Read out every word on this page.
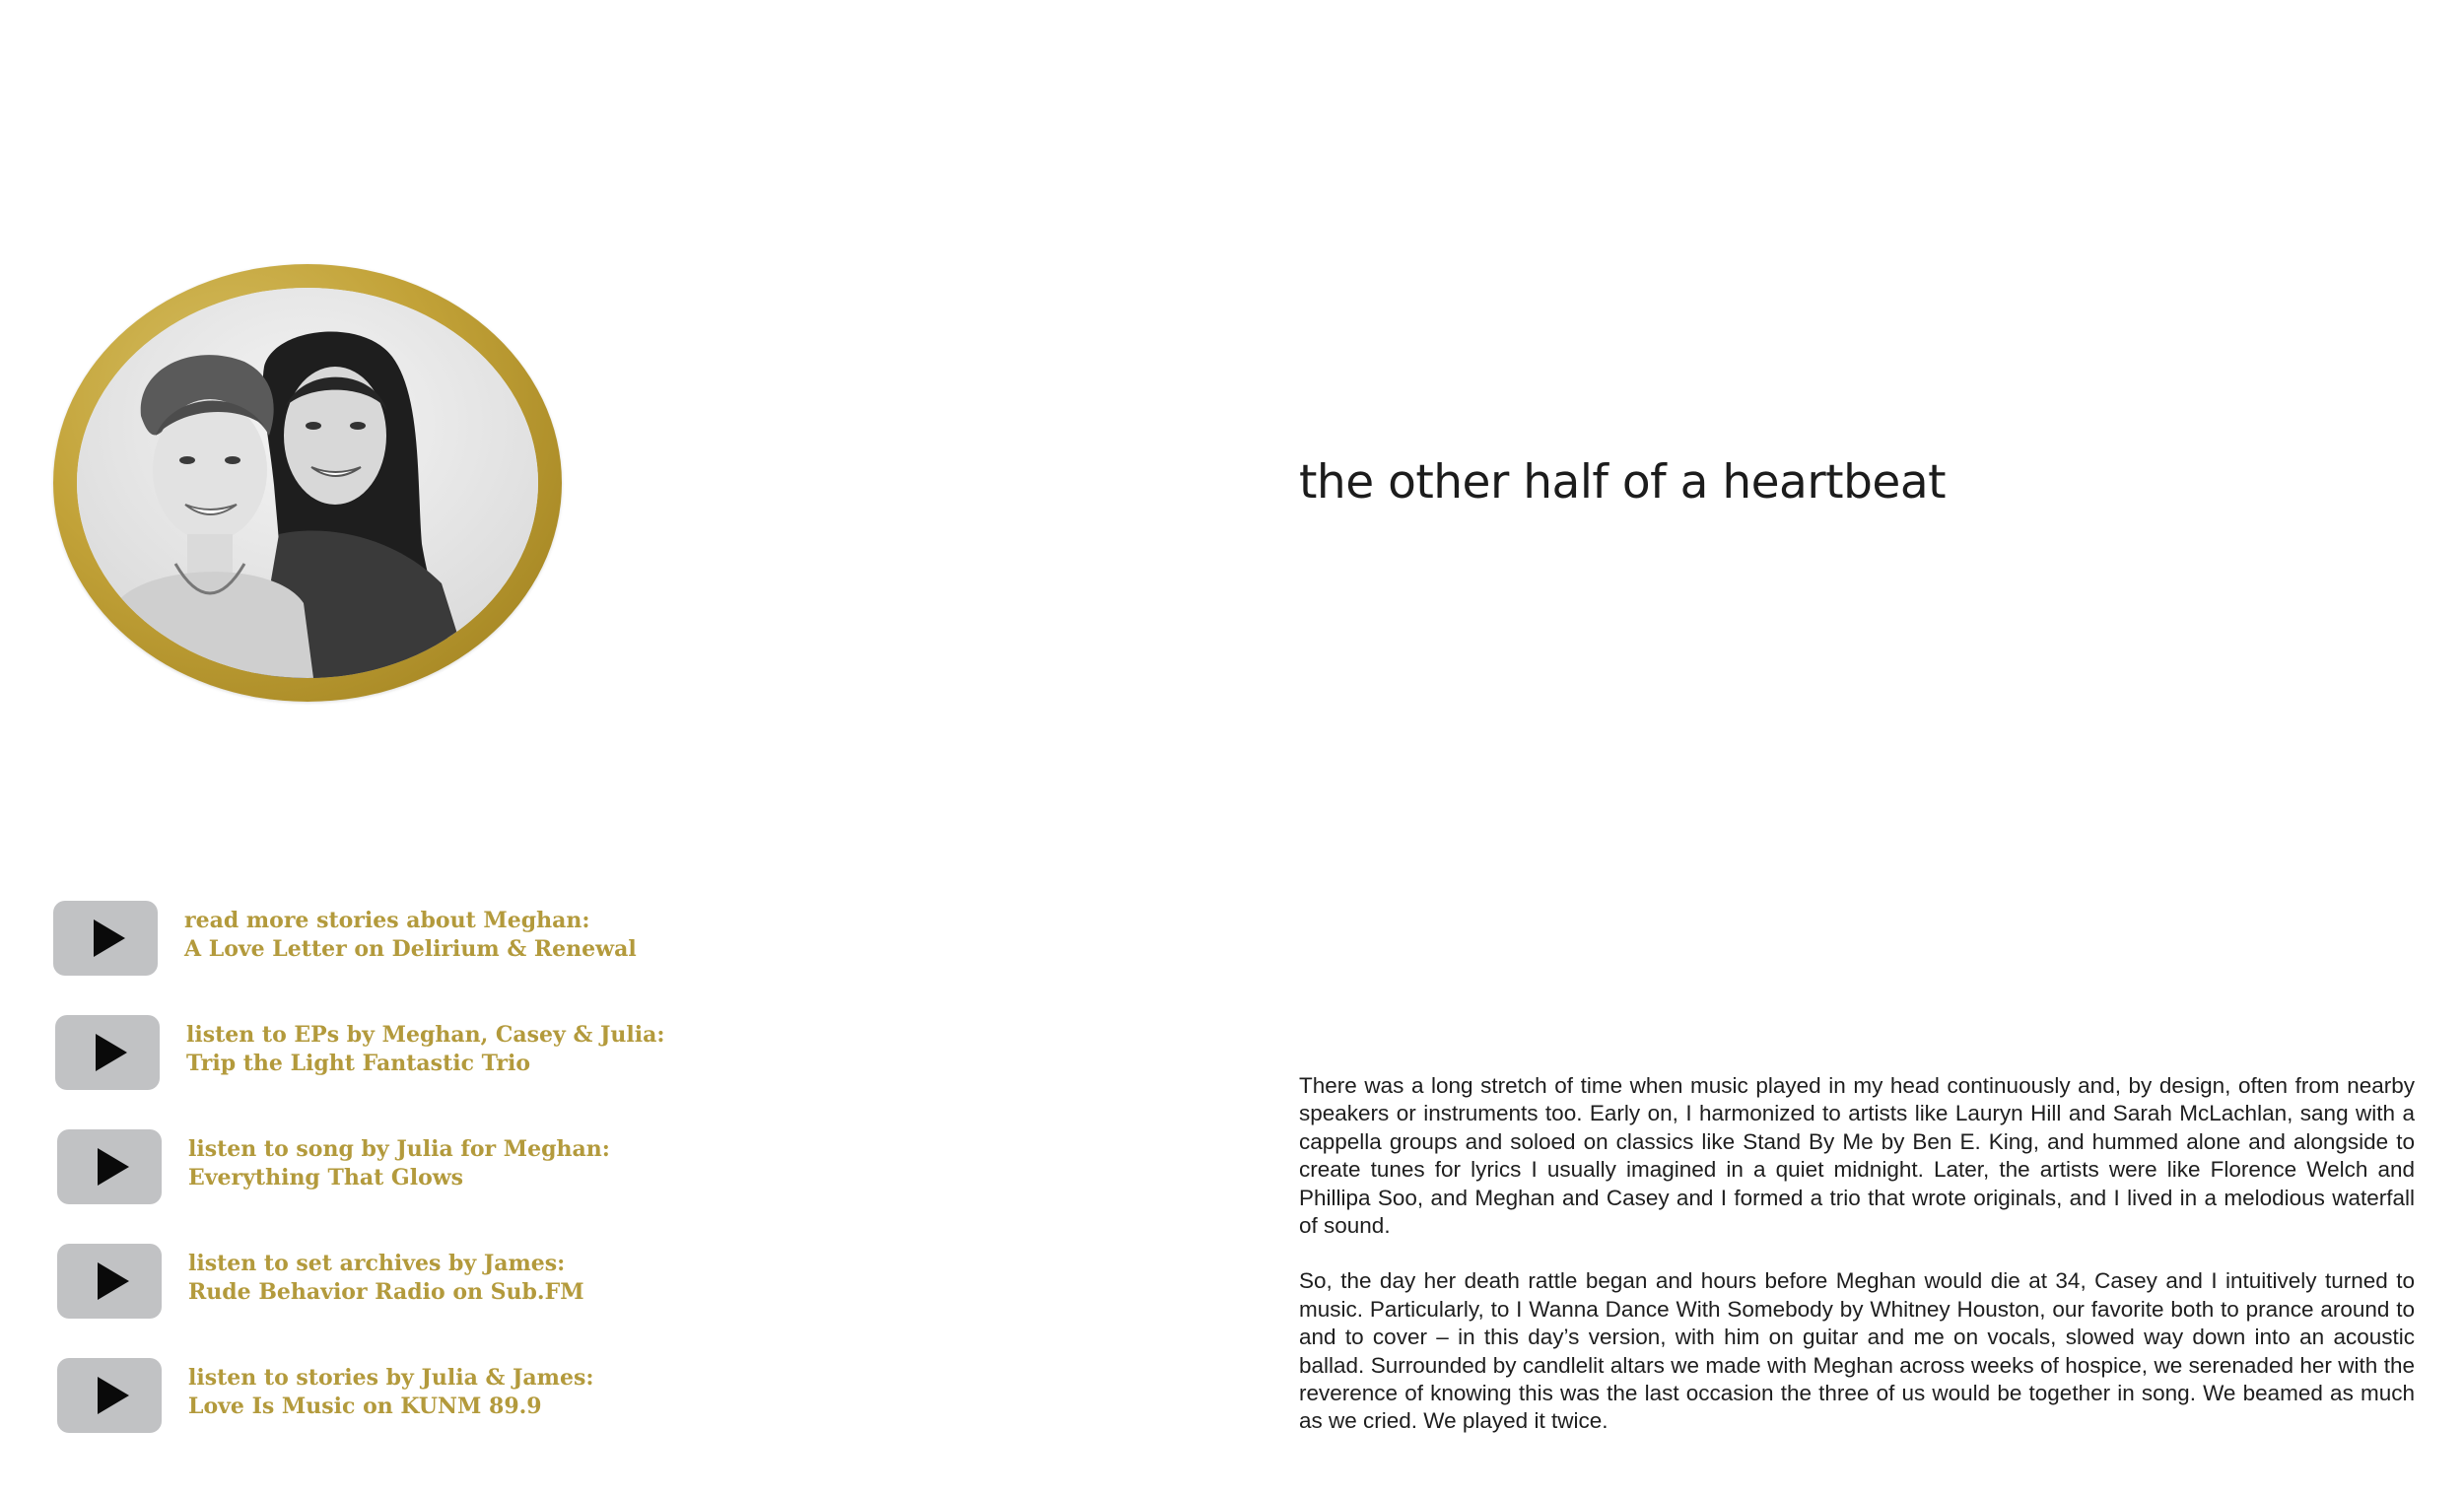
the other half of a heartbeat
read more stories about Meghan:
A Love Letter on Delirium & Renewal
listen to EPs by Meghan, Casey & Julia:
Trip the Light Fantastic Trio
listen to song by Julia for Meghan:
Everything That Glows
listen to set archives by James:
Rude Behavior Radio on Sub.FM
listen to stories by Julia & James:
Love Is Music on KUNM 89.9

There was a long stretch of time when music played in my head continuously and, by design, often from nearby speakers or instruments too. Early on, I harmonized to artists like Lauryn Hill and Sarah McLachlan, sang with a cappella groups and soloed on classics like Stand By Me by Ben E. King, and hummed alone and alongside to create tunes for lyrics I usually imagined in a quiet midnight. Later, the artists were like Florence Welch and Phillipa Soo, and Meghan and Casey and I formed a trio that wrote originals, and I lived in a melodious waterfall of sound.

So, the day her death rattle began and hours before Meghan would die at 34, Casey and I intuitively turned to music. Particularly, to I Wanna Dance With Somebody by Whitney Houston, our favorite both to prance around to and to cover – in this day’s version, with him on guitar and me on vocals, slowed way down into an acoustic ballad. Surrounded by candlelit altars we made with Meghan across weeks of hospice, we serenaded her with the reverence of knowing this was the last occasion the three of us would be together in song. We beamed as much as we cried. We played it twice.
